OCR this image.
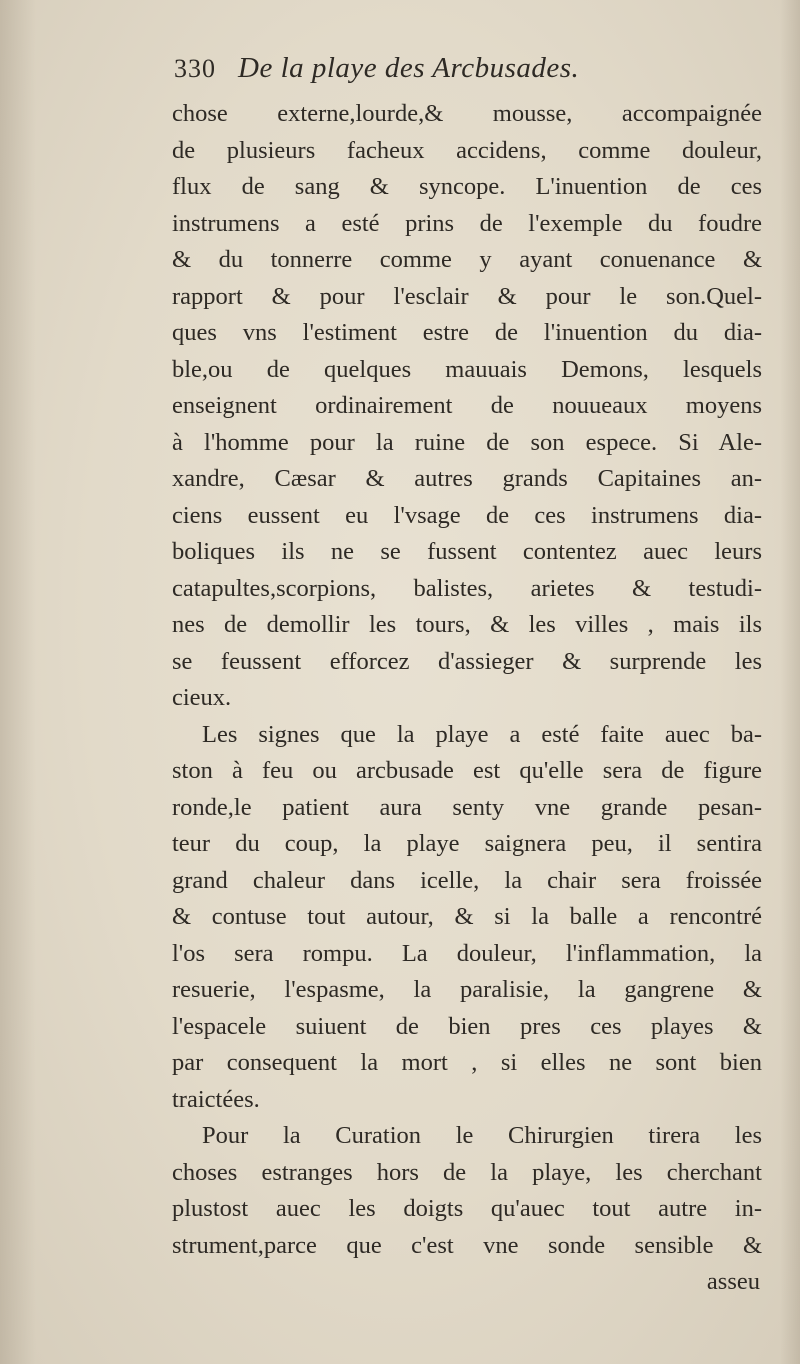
330 De la playe des Arcbusades.
chose externe,lourde,& mousse, accompaignée
de plusieurs facheux accidens, comme douleur,
flux de sang & syncope. L'inuention de ces
instrumens a esté prins de l'exemple du foudre
& du tonnerre comme y ayant conuenance &
rapport & pour l'esclair & pour le son.Quel-
ques vns l'estiment estre de l'inuention du dia-
ble,ou de quelques mauuais Demons, lesquels
enseignent ordinairement de nouueaux moyens
à l'homme pour la ruine de son espece. Si Ale-
xandre, Cæsar & autres grands Capitaines an-
ciens eussent eu l'vsage de ces instrumens dia-
boliques ils ne se fussent contentez auec leurs
catapultes,scorpions, balistes, arietes & testudi-
nes de demollir les tours, & les villes , mais ils
se feussent efforcez d'assieger & surprende les
cieux.
Les signes que la playe a esté faite auec ba-
ston à feu ou arcbusade est qu'elle sera de figure
ronde,le patient aura senty vne grande pesan-
teur du coup, la playe saignera peu, il sentira
grand chaleur dans icelle, la chair sera froissée
& contuse tout autour, & si la balle a rencontré
l'os sera rompu. La douleur, l'inflammation, la
resuerie, l'espasme, la paralisie, la gangrene &
l'espacele suiuent de bien pres ces playes &
par consequent la mort , si elles ne sont bien
traictées.
Pour la Curation le Chirurgien tirera les
choses estranges hors de la playe, les cherchant
plustost auec les doigts qu'auec tout autre in-
strument,parce que c'est vne sonde sensible &
asseu
